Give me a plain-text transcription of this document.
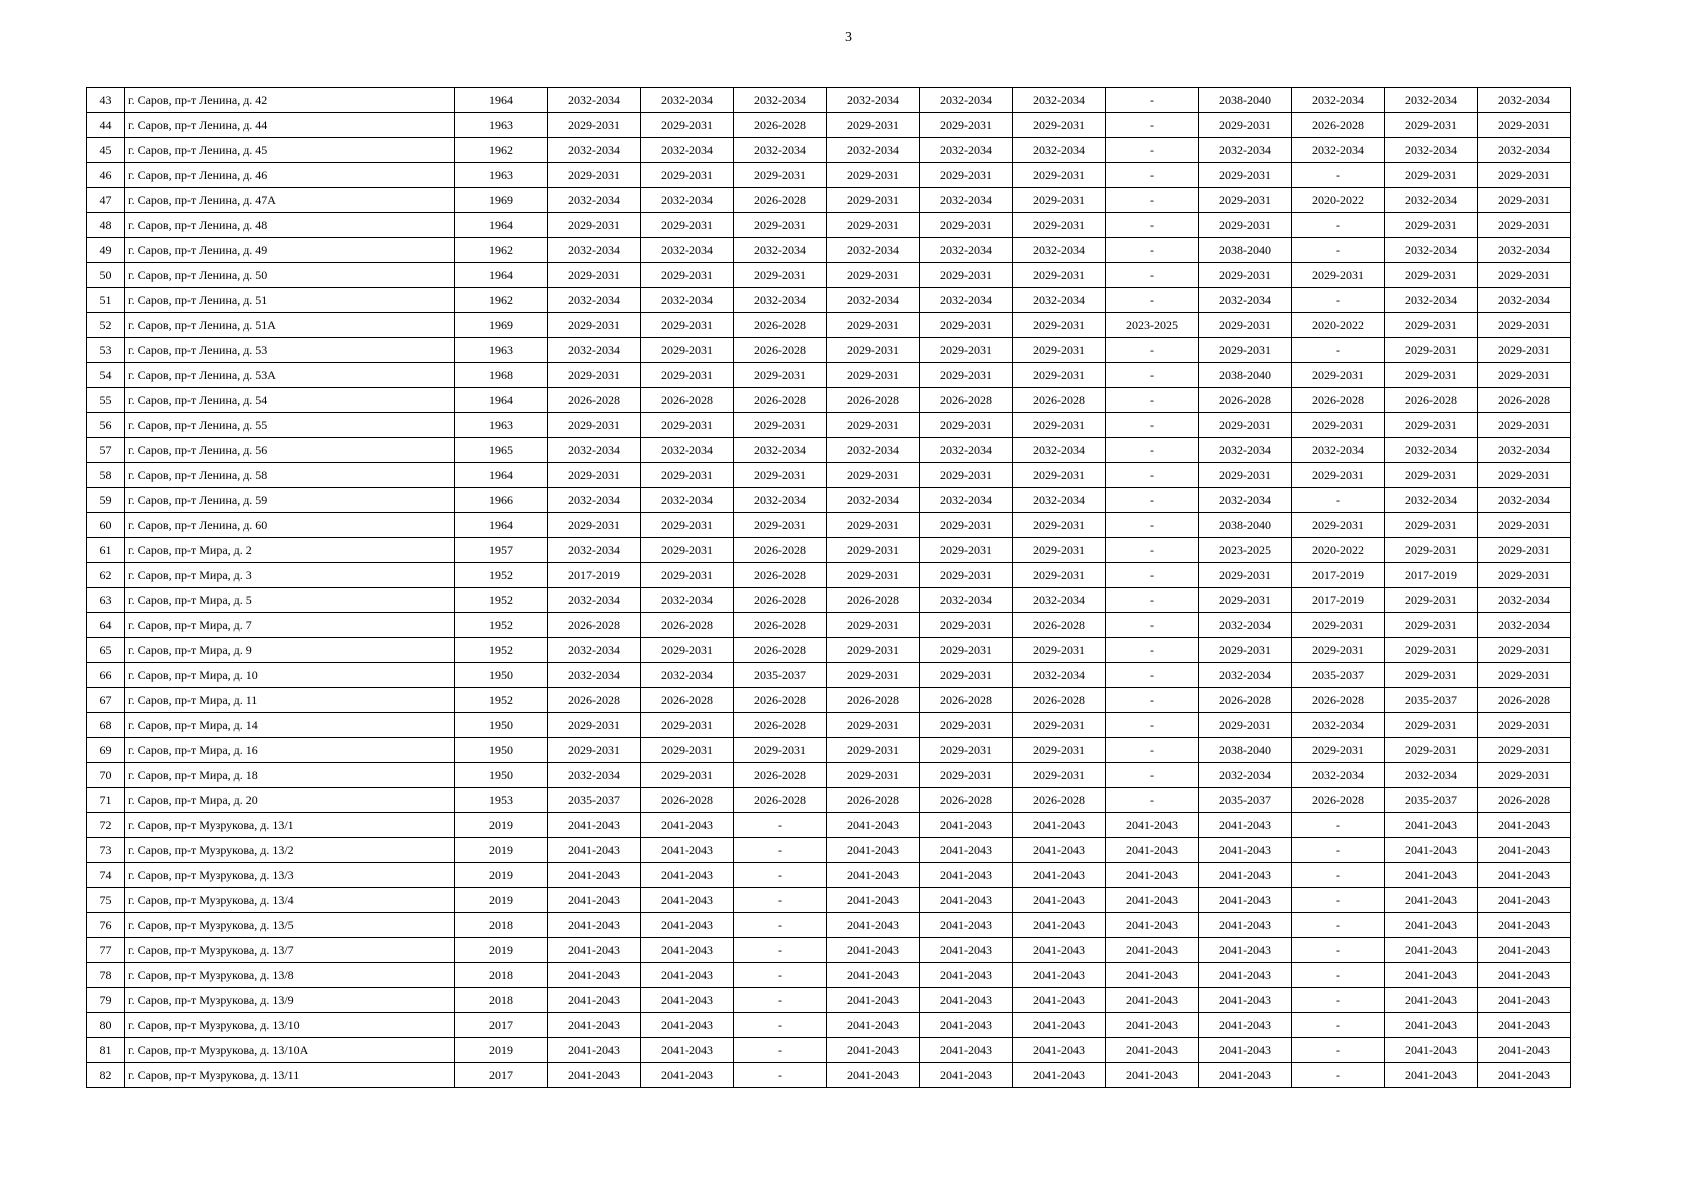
3
43	г. Саров, пр-т Ленина, д. 42	1964	2032-2034	2032-2034	2032-2034	2032-2034	2032-2034	2032-2034	-	2038-2040	2032-2034	2032-2034	2032-2034
44	г. Саров, пр-т Ленина, д. 44	1963	2029-2031	2029-2031	2026-2028	2029-2031	2029-2031	2029-2031	-	2029-2031	2026-2028	2029-2031	2029-2031
45	г. Саров, пр-т Ленина, д. 45	1962	2032-2034	2032-2034	2032-2034	2032-2034	2032-2034	2032-2034	-	2032-2034	2032-2034	2032-2034	2032-2034
46	г. Саров, пр-т Ленина, д. 46	1963	2029-2031	2029-2031	2029-2031	2029-2031	2029-2031	2029-2031	-	2029-2031	-	2029-2031	2029-2031
47	г. Саров, пр-т Ленина, д. 47А	1969	2032-2034	2032-2034	2026-2028	2029-2031	2032-2034	2029-2031	-	2029-2031	2020-2022	2032-2034	2029-2031
48	г. Саров, пр-т Ленина, д. 48	1964	2029-2031	2029-2031	2029-2031	2029-2031	2029-2031	2029-2031	-	2029-2031	-	2029-2031	2029-2031
49	г. Саров, пр-т Ленина, д. 49	1962	2032-2034	2032-2034	2032-2034	2032-2034	2032-2034	2032-2034	-	2038-2040	-	2032-2034	2032-2034
50	г. Саров, пр-т Ленина, д. 50	1964	2029-2031	2029-2031	2029-2031	2029-2031	2029-2031	2029-2031	-	2029-2031	2029-2031	2029-2031	2029-2031
51	г. Саров, пр-т Ленина, д. 51	1962	2032-2034	2032-2034	2032-2034	2032-2034	2032-2034	2032-2034	-	2032-2034	-	2032-2034	2032-2034
52	г. Саров, пр-т Ленина, д. 51А	1969	2029-2031	2029-2031	2026-2028	2029-2031	2029-2031	2029-2031	2023-2025	2029-2031	2020-2022	2029-2031	2029-2031
53	г. Саров, пр-т Ленина, д. 53	1963	2032-2034	2029-2031	2026-2028	2029-2031	2029-2031	2029-2031	-	2029-2031	-	2029-2031	2029-2031
54	г. Саров, пр-т Ленина, д. 53А	1968	2029-2031	2029-2031	2029-2031	2029-2031	2029-2031	2029-2031	-	2038-2040	2029-2031	2029-2031	2029-2031
55	г. Саров, пр-т Ленина, д. 54	1964	2026-2028	2026-2028	2026-2028	2026-2028	2026-2028	2026-2028	-	2026-2028	2026-2028	2026-2028	2026-2028
56	г. Саров, пр-т Ленина, д. 55	1963	2029-2031	2029-2031	2029-2031	2029-2031	2029-2031	2029-2031	-	2029-2031	2029-2031	2029-2031	2029-2031
57	г. Саров, пр-т Ленина, д. 56	1965	2032-2034	2032-2034	2032-2034	2032-2034	2032-2034	2032-2034	-	2032-2034	2032-2034	2032-2034	2032-2034
58	г. Саров, пр-т Ленина, д. 58	1964	2029-2031	2029-2031	2029-2031	2029-2031	2029-2031	2029-2031	-	2029-2031	2029-2031	2029-2031	2029-2031
59	г. Саров, пр-т Ленина, д. 59	1966	2032-2034	2032-2034	2032-2034	2032-2034	2032-2034	2032-2034	-	2032-2034	-	2032-2034	2032-2034
60	г. Саров, пр-т Ленина, д. 60	1964	2029-2031	2029-2031	2029-2031	2029-2031	2029-2031	2029-2031	-	2038-2040	2029-2031	2029-2031	2029-2031
61	г. Саров, пр-т Мира, д. 2	1957	2032-2034	2029-2031	2026-2028	2029-2031	2029-2031	2029-2031	-	2023-2025	2020-2022	2029-2031	2029-2031
62	г. Саров, пр-т Мира, д. 3	1952	2017-2019	2029-2031	2026-2028	2029-2031	2029-2031	2029-2031	-	2029-2031	2017-2019	2017-2019	2029-2031
63	г. Саров, пр-т Мира, д. 5	1952	2032-2034	2032-2034	2026-2028	2026-2028	2032-2034	2032-2034	-	2029-2031	2017-2019	2029-2031	2032-2034
64	г. Саров, пр-т Мира, д. 7	1952	2026-2028	2026-2028	2026-2028	2029-2031	2029-2031	2026-2028	-	2032-2034	2029-2031	2029-2031	2032-2034
65	г. Саров, пр-т Мира, д. 9	1952	2032-2034	2029-2031	2026-2028	2029-2031	2029-2031	2029-2031	-	2029-2031	2029-2031	2029-2031	2029-2031
66	г. Саров, пр-т Мира, д. 10	1950	2032-2034	2032-2034	2035-2037	2029-2031	2029-2031	2032-2034	-	2032-2034	2035-2037	2029-2031	2029-2031
67	г. Саров, пр-т Мира, д. 11	1952	2026-2028	2026-2028	2026-2028	2026-2028	2026-2028	2026-2028	-	2026-2028	2026-2028	2035-2037	2026-2028
68	г. Саров, пр-т Мира, д. 14	1950	2029-2031	2029-2031	2026-2028	2029-2031	2029-2031	2029-2031	-	2029-2031	2032-2034	2029-2031	2029-2031
69	г. Саров, пр-т Мира, д. 16	1950	2029-2031	2029-2031	2029-2031	2029-2031	2029-2031	2029-2031	-	2038-2040	2029-2031	2029-2031	2029-2031
70	г. Саров, пр-т Мира, д. 18	1950	2032-2034	2029-2031	2026-2028	2029-2031	2029-2031	2029-2031	-	2032-2034	2032-2034	2032-2034	2029-2031
71	г. Саров, пр-т Мира, д. 20	1953	2035-2037	2026-2028	2026-2028	2026-2028	2026-2028	2026-2028	-	2035-2037	2026-2028	2035-2037	2026-2028
72	г. Саров, пр-т Музрукова, д. 13/1	2019	2041-2043	2041-2043	-	2041-2043	2041-2043	2041-2043	2041-2043	2041-2043	-	2041-2043	2041-2043
73	г. Саров, пр-т Музрукова, д. 13/2	2019	2041-2043	2041-2043	-	2041-2043	2041-2043	2041-2043	2041-2043	2041-2043	-	2041-2043	2041-2043
74	г. Саров, пр-т Музрукова, д. 13/3	2019	2041-2043	2041-2043	-	2041-2043	2041-2043	2041-2043	2041-2043	2041-2043	-	2041-2043	2041-2043
75	г. Саров, пр-т Музрукова, д. 13/4	2019	2041-2043	2041-2043	-	2041-2043	2041-2043	2041-2043	2041-2043	2041-2043	-	2041-2043	2041-2043
76	г. Саров, пр-т Музрукова, д. 13/5	2018	2041-2043	2041-2043	-	2041-2043	2041-2043	2041-2043	2041-2043	2041-2043	-	2041-2043	2041-2043
77	г. Саров, пр-т Музрукова, д. 13/7	2019	2041-2043	2041-2043	-	2041-2043	2041-2043	2041-2043	2041-2043	2041-2043	-	2041-2043	2041-2043
78	г. Саров, пр-т Музрукова, д. 13/8	2018	2041-2043	2041-2043	-	2041-2043	2041-2043	2041-2043	2041-2043	2041-2043	-	2041-2043	2041-2043
79	г. Саров, пр-т Музрукова, д. 13/9	2018	2041-2043	2041-2043	-	2041-2043	2041-2043	2041-2043	2041-2043	2041-2043	-	2041-2043	2041-2043
80	г. Саров, пр-т Музрукова, д. 13/10	2017	2041-2043	2041-2043	-	2041-2043	2041-2043	2041-2043	2041-2043	2041-2043	-	2041-2043	2041-2043
81	г. Саров, пр-т Музрукова, д. 13/10А	2019	2041-2043	2041-2043	-	2041-2043	2041-2043	2041-2043	2041-2043	2041-2043	-	2041-2043	2041-2043
82	г. Саров, пр-т Музрукова, д. 13/11	2017	2041-2043	2041-2043	-	2041-2043	2041-2043	2041-2043	2041-2043	2041-2043	-	2041-2043	2041-2043
